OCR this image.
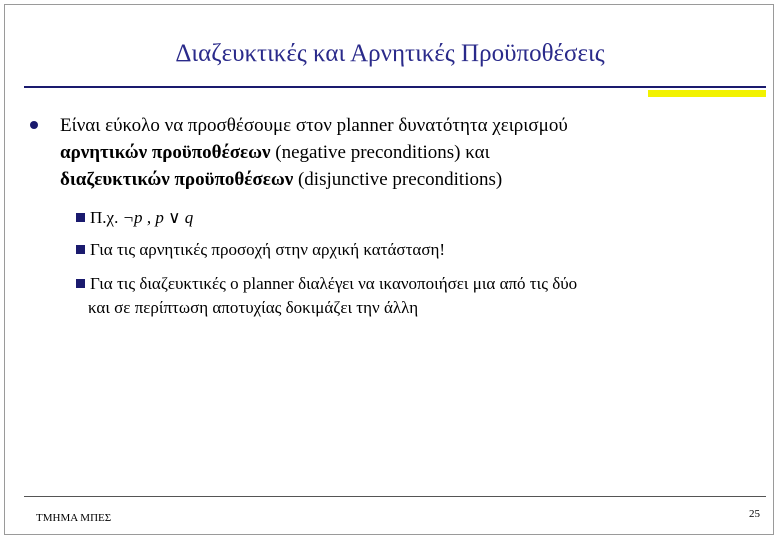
Διαζευκτικές και Αρνητικές Προϋποθέσεις
Είναι εύκολο να προσθέσουμε στον planner δυνατότητα χειρισμού
αρνητικών προϋποθέσεων (negative preconditions) και
διαζευκτικών προϋποθέσεων (disjunctive preconditions)
Π.χ. ¬p , p ∨ q
Για τις αρνητικές προσοχή στην αρχική κατάσταση!
Για τις διαζευκτικές ο planner διαλέγει να ικανοποιήσει μια από τις δύο
και σε περίπτωση αποτυχίας δοκιμάζει την άλλη
ΤΜΗΜΑ ΜΠΕΣ	25
